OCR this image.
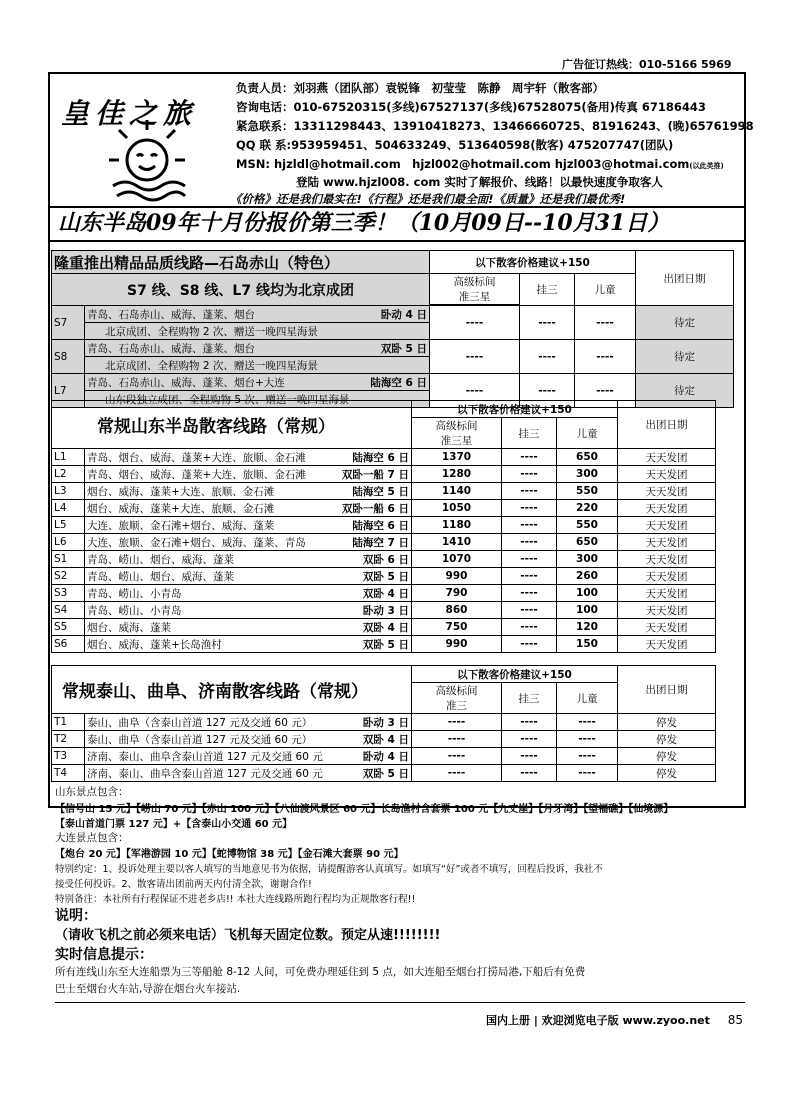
广告征订热线：010-5166 5969
皇佳之旅
负责人员：刘羽燕（团队部）袁锐锋　初莹莹　陈静　周宇轩（散客部）
咨询电话：010-67520315(多线)67527137(多线)67528075(备用)传真 67186443
紧急联系：13311298443、13910418273、13466660725、81916243、(晚)65761998
QQ 联 系:953959451、504633249、513640598(散客) 475207747(团队)
MSN: hjzldl@hotmail.com　hjzl002@hotmail.com hjzl003@hotmai.com(以此类推)
登陆 www.hjzl008. com 实时了解报价、线路！以最快速度争取客人
《价格》还是我们最实在!《行程》还是我们最全面!《质量》还是我们最优秀!
山东半岛09年十月份报价第三季！（10月09日--10月31日）
隆重推出精品品质线路—石岛赤山（特色）		以下散客价格建议+150			出团日期
S7 线、S8 线、L7 线均为北京成团		高级标间
准三星	挂三	儿童	

S7	青岛、石岛赤山、威海、蓬莱、烟台 卧动 4 日	----	----	----	待定
	北京成团、全程购物 2 次、赠送一晚四星海景				
S8	青岛、石岛赤山、威海、蓬莱、烟台 双卧 5 日	----	----	----	待定
	北京成团、全程购物 2 次、赠送一晚四星海景				
L7	青岛、石岛赤山、威海、蓬莱、烟台+大连 陆海空 6 日	----	----	----	待定
	山东段独立成团、全程购物 5 次、赠送一晚四星海景				
常规山东半岛散客线路（常规）		以下散客价格建议+150			出团日期
		高级标间
准三星	挂三	儿童	
L1	青岛、烟台、威海、蓬莱+大连、旅顺、金石滩 陆海空 6 日	1370	----	650	天天发团
L2	青岛、烟台、威海、蓬莱+大连、旅顺、金石滩 双卧一船 7 日	1280	----	300	天天发团
L3	烟台、威海、蓬莱+大连、旅顺、金石滩 陆海空 5 日	1140	----	550	天天发团
L4	烟台、威海、蓬莱+大连、旅顺、金石滩 双卧一船 6 日	1050	----	220	天天发团
L5	大连、旅顺、金石滩+烟台、威海、蓬莱 陆海空 6 日	1180	----	550	天天发团
L6	大连、旅顺、金石滩+烟台、威海、蓬莱、青岛 陆海空 7 日	1410	----	650	天天发团
S1	青岛、崂山、烟台、威海、蓬莱 双卧 6 日	1070	----	300	天天发团
S2	青岛、崂山、烟台、威海、蓬莱 双卧 5 日	990	----	260	天天发团
S3	青岛、崂山、小青岛 双卧 4 日	790	----	100	天天发团
S4	青岛、崂山、小青岛 卧动 3 日	860	----	100	天天发团
S5	烟台、威海、蓬莱 双卧 4 日	750	----	120	天天发团
S6	烟台、威海、蓬莱+长岛渔村 双卧 5 日	990	----	150	天天发团
常规泰山、曲阜、济南散客线路（常规）		以下散客价格建议+150			出团日期
		高级标间
准三	挂三	儿童	
T1	泰山、曲阜（含泰山首道 127 元及交通 60 元） 卧动 3 日	----	----	----	停发
T2	泰山、曲阜（含泰山首道 127 元及交通 60 元） 双卧 4 日	----	----	----	停发
T3	济南、泰山、曲阜含泰山首道 127 元及交通 60 元 卧动 4 日	----	----	----	停发
T4	济南、泰山、曲阜含泰山首道 127 元及交通 60 元 双卧 5 日	----	----	----	停发
山东景点包含：
【信号山 15 元】【崂山 70 元】【赤山 100 元】【八仙渡风景区 60 元】长岛渔村含套票 100 元【九丈崖】【月牙湾】【望福礁】【仙境源】
【泰山首道门票 127 元】+【含泰山小交通 60 元】
大连景点包含：
【炮台 20 元】【军港游园 10 元】【蛇博物馆 38 元】【金石滩大套票 90 元】
特别约定：1、投诉处理主要以客人填写的当地意见书为依据，请提醒游客认真填写。如填写“好”或者不填写，回程后投诉，我社不
接受任何投诉。2、散客请出团前两天内付清全款，谢谢合作!
特别备注：本社所有行程保证不进老乡店!! 本社大连线路所跑行程均为正规散客行程!!
说明：
（请收飞机之前必须来电话）飞机每天固定位数。预定从速!!!!!!!!
实时信息提示：
所有连线山东至大连船票为三等船舱 8-12 人间，可免费办理延住到 5 点，如大连船至烟台打捞局港,下船后有免费
巴士至烟台火车站,导游在烟台火车接站.
国内上册 | 欢迎浏览电子版 www.zyoo.net 85
